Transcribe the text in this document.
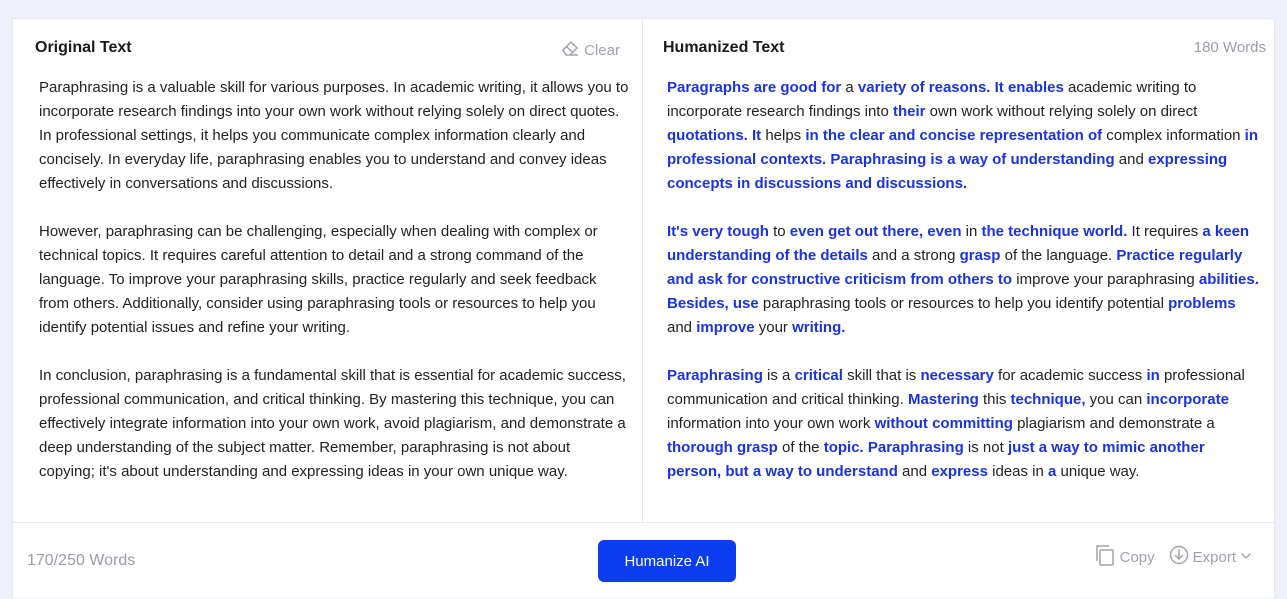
Original Text	Clear

Paraphrasing is a valuable skill for various purposes. In academic writing, it allows you to incorporate research findings into your own work without relying solely on direct quotes. In professional settings, it helps you communicate complex information clearly and concisely. In everyday life, paraphrasing enables you to understand and convey ideas effectively in conversations and discussions.

However, paraphrasing can be challenging, especially when dealing with complex or technical topics. It requires careful attention to detail and a strong command of the language. To improve your paraphrasing skills, practice regularly and seek feedback from others. Additionally, consider using paraphrasing tools or resources to help you identify potential issues and refine your writing.

In conclusion, paraphrasing is a fundamental skill that is essential for academic success, professional communication, and critical thinking. By mastering this technique, you can effectively integrate information into your own work, avoid plagiarism, and demonstrate a deep understanding of the subject matter. Remember, paraphrasing is not about copying; it's about understanding and expressing ideas in your own unique way.

Humanized Text	180 Words

Paragraphs are good for a variety of reasons. It enables academic writing to incorporate research findings into their own work without relying solely on direct quotations. It helps in the clear and concise representation of complex information in professional contexts. Paraphrasing is a way of understanding and expressing concepts in discussions and discussions.

It's very tough to even get out there, even in the technique world. It requires a keen understanding of the details and a strong grasp of the language. Practice regularly and ask for constructive criticism from others to improve your paraphrasing abilities. Besides, use paraphrasing tools or resources to help you identify potential problems and improve your writing.

Paraphrasing is a critical skill that is necessary for academic success in professional communication and critical thinking. Mastering this technique, you can incorporate information into your own work without committing plagiarism and demonstrate a thorough grasp of the topic. Paraphrasing is not just a way to mimic another person, but a way to understand and express ideas in a unique way.

170/250 Words	Humanize AI	Copy	Export
